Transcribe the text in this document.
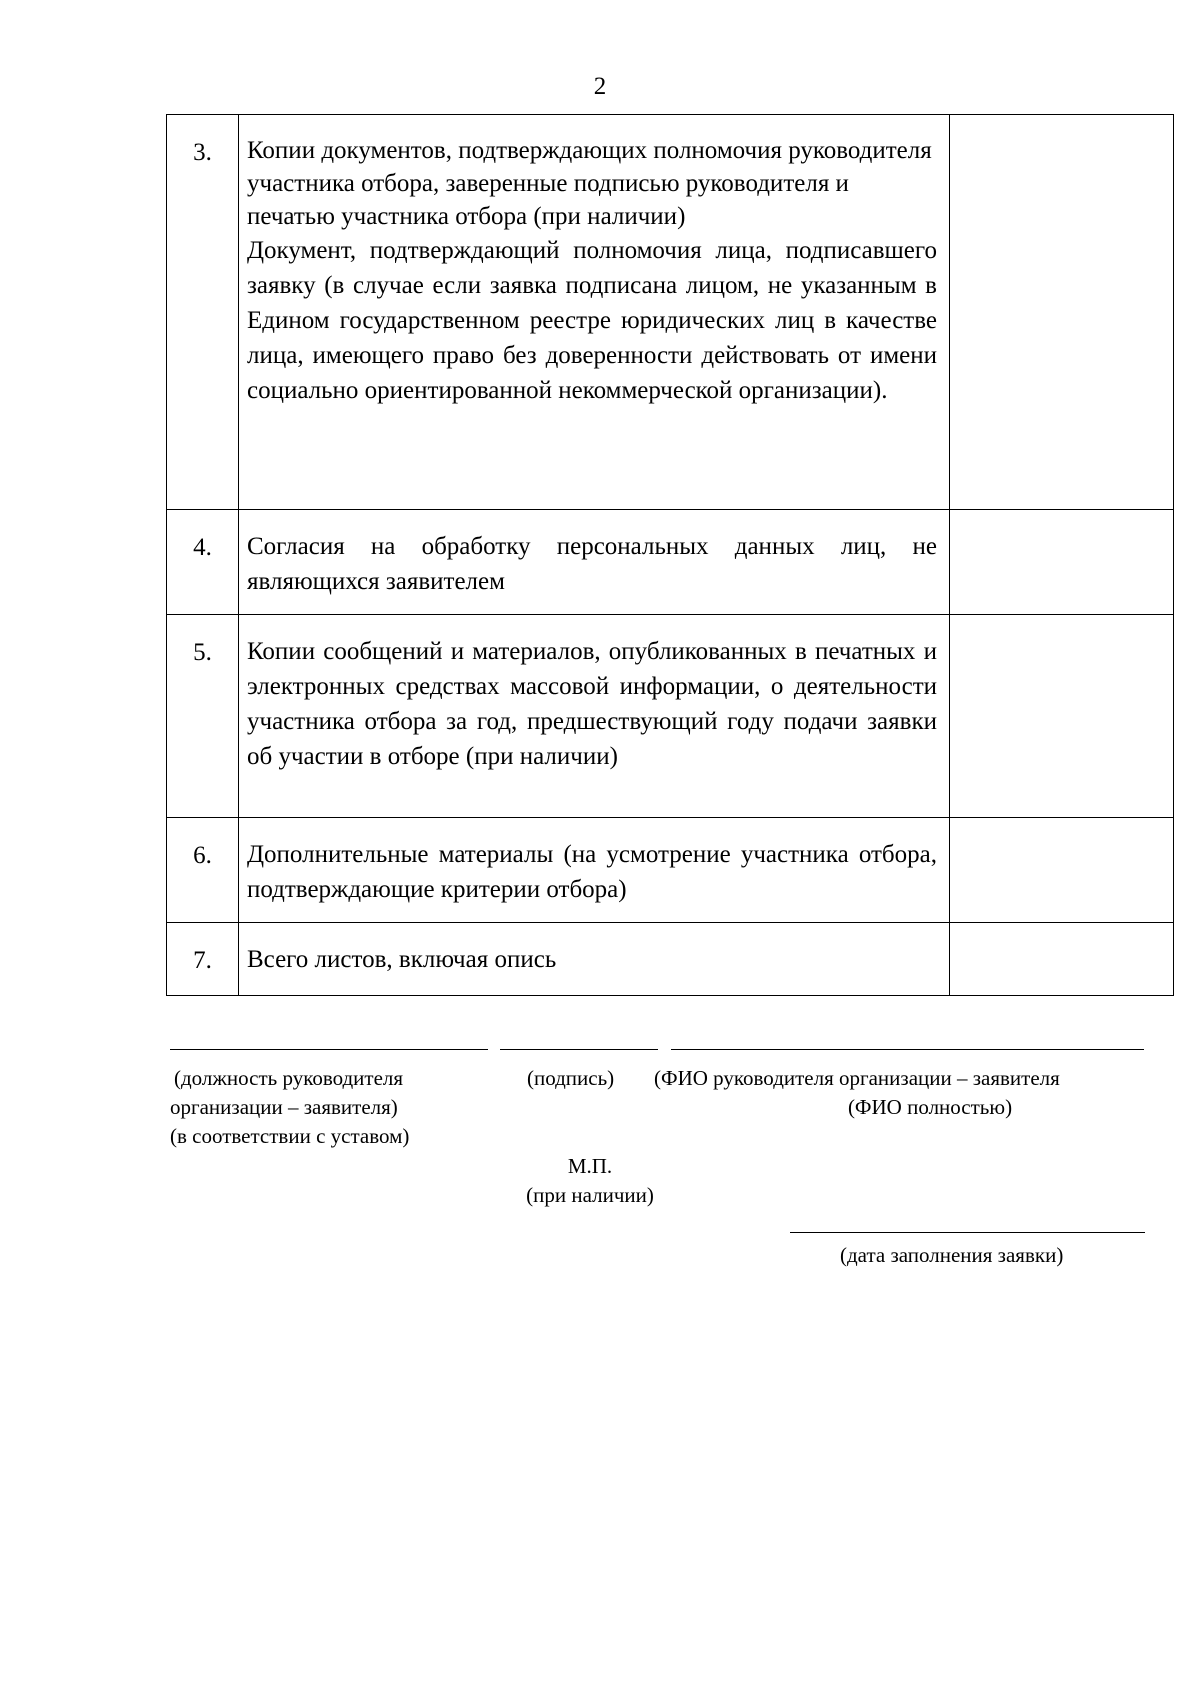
2
3.	Копии документов, подтверждающих полномочия руководителя участника отбора, заверенные подписью руководителя и печатью участника отбора (при наличии)

Документ, подтверждающий полномочия лица, подписавшего заявку (в случае если заявка подписана лицом, не указанным в Едином государственном реестре юридических лиц в качестве лица, имеющего право без доверенности действовать от имени социально ориентированной некоммерческой организации).	

4.	Согласия на обработку персональных данных лиц, не являющихся заявителем	

5.	Копии сообщений и материалов, опубликованных в печатных и электронных средствах массовой информации, о деятельности участника отбора за год, предшествующий году подачи заявки об участии в отборе (при наличии)	

6.	Дополнительные материалы (на усмотрение участника отбора, подтверждающие критерии отбора)	

7.	Всего листов, включая опись	

(должность руководителя
организации – заявителя)
(в соответствии с уставом)
(подпись) (ФИО руководителя организации – заявителя
(ФИО полностью)
М.П.
(при наличии)
(дата заполнения заявки)
